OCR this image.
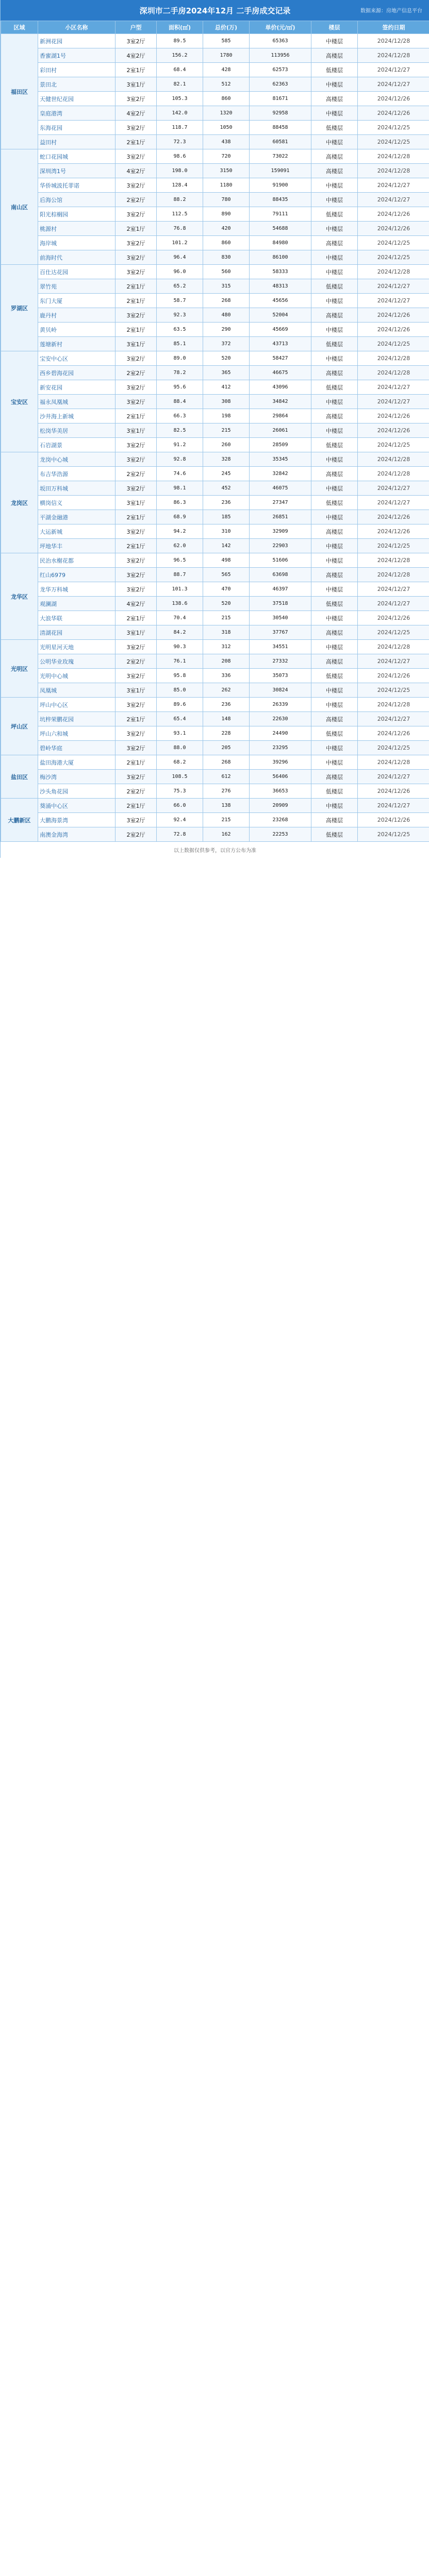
深圳市二手房2024年12月 二手房成交记录	数据来源：房地产信息平台
区域	小区名称	户型	面积(㎡)	总价(万)	单价(元/㎡)	楼层	签约日期
福田区	新洲花园	3室2厅	89.5	585	65363	中楼层	2024/12/28
	香蜜湖1号	4室2厅	156.2	1780	113956	高楼层	2024/12/28
	彩田村	2室1厅	68.4	428	62573	低楼层	2024/12/27
	景田北	3室1厅	82.1	512	62363	中楼层	2024/12/27
	天健世纪花园	3室2厅	105.3	860	81671	高楼层	2024/12/26
	皇庭港湾	4室2厅	142.0	1320	92958	中楼层	2024/12/26
	东海花园	3室2厅	118.7	1050	88458	低楼层	2024/12/25
	益田村	2室1厅	72.3	438	60581	中楼层	2024/12/25
南山区	蛇口花园城	3室2厅	98.6	720	73022	高楼层	2024/12/28
	深圳湾1号	4室2厅	198.0	3150	159091	高楼层	2024/12/28
	华侨城波托菲诺	3室2厅	128.4	1180	91900	中楼层	2024/12/27
	后海公馆	2室2厅	88.2	780	88435	中楼层	2024/12/27
	阳光棕榈园	3室2厅	112.5	890	79111	低楼层	2024/12/26
	桃源村	2室1厅	76.8	420	54688	中楼层	2024/12/26
	海岸城	3室2厅	101.2	860	84980	高楼层	2024/12/25
	前海时代	3室2厅	96.4	830	86100	中楼层	2024/12/25
罗湖区	百仕达花园	3室2厅	96.0	560	58333	中楼层	2024/12/28
	翠竹苑	2室1厅	65.2	315	48313	低楼层	2024/12/27
	东门大厦	2室1厅	58.7	268	45656	中楼层	2024/12/27
	鹿丹村	3室2厅	92.3	480	52004	高楼层	2024/12/26
	黄贝岭	2室1厅	63.5	290	45669	中楼层	2024/12/26
	莲塘新村	3室1厅	85.1	372	43713	低楼层	2024/12/25
宝安区	宝安中心区	3室2厅	89.0	520	58427	中楼层	2024/12/28
	西乡碧海花园	2室2厅	78.2	365	46675	高楼层	2024/12/28
	新安花园	3室2厅	95.6	412	43096	低楼层	2024/12/27
	福永凤凰城	3室2厅	88.4	308	34842	中楼层	2024/12/27
	沙井海上新城	2室1厅	66.3	198	29864	高楼层	2024/12/26
	松岗华美居	3室1厅	82.5	215	26061	中楼层	2024/12/26
	石岩湖景	3室2厅	91.2	260	28509	低楼层	2024/12/25
龙岗区	龙岗中心城	3室2厅	92.8	328	35345	中楼层	2024/12/28
	布吉华浩源	2室2厅	74.6	245	32842	高楼层	2024/12/28
	坂田万科城	3室2厅	98.1	452	46075	中楼层	2024/12/27
	横岗信义	3室1厅	86.3	236	27347	低楼层	2024/12/27
	平湖金融港	2室1厅	68.9	185	26851	中楼层	2024/12/26
	大运新城	3室2厅	94.2	310	32909	高楼层	2024/12/26
	坪地华丰	2室1厅	62.0	142	22903	中楼层	2024/12/25
龙华区	民治水榭花都	3室2厅	96.5	498	51606	中楼层	2024/12/28
	红山6979	3室2厅	88.7	565	63698	高楼层	2024/12/28
	龙华万科城	3室2厅	101.3	470	46397	中楼层	2024/12/27
	观澜湖	4室2厅	138.6	520	37518	低楼层	2024/12/27
	大浪华联	2室1厅	70.4	215	30540	中楼层	2024/12/26
	清湖花园	3室1厅	84.2	318	37767	高楼层	2024/12/25
光明区	光明星河天地	3室2厅	90.3	312	34551	中楼层	2024/12/28
	公明华业玫瑰	2室2厅	76.1	208	27332	高楼层	2024/12/27
	光明中心城	3室2厅	95.8	336	35073	低楼层	2024/12/26
	凤凰城	3室1厅	85.0	262	30824	中楼层	2024/12/25
坪山区	坪山中心区	3室2厅	89.6	236	26339	中楼层	2024/12/28
	坑梓荣鹏花园	2室1厅	65.4	148	22630	高楼层	2024/12/27
	坪山六和城	3室2厅	93.1	228	24490	低楼层	2024/12/26
	碧岭华庭	3室2厅	88.0	205	23295	中楼层	2024/12/25
盐田区	盐田海港大厦	2室1厅	68.2	268	39296	中楼层	2024/12/28
	梅沙湾	3室2厅	108.5	612	56406	高楼层	2024/12/27
	沙头角花园	2室2厅	75.3	276	36653	低楼层	2024/12/26
大鹏新区	葵涌中心区	2室1厅	66.0	138	20909	中楼层	2024/12/27
	大鹏海景湾	3室2厅	92.4	215	23268	高楼层	2024/12/26
	南澳金海湾	2室2厅	72.8	162	22253	低楼层	2024/12/25
以上数据仅供参考，以官方公布为准
